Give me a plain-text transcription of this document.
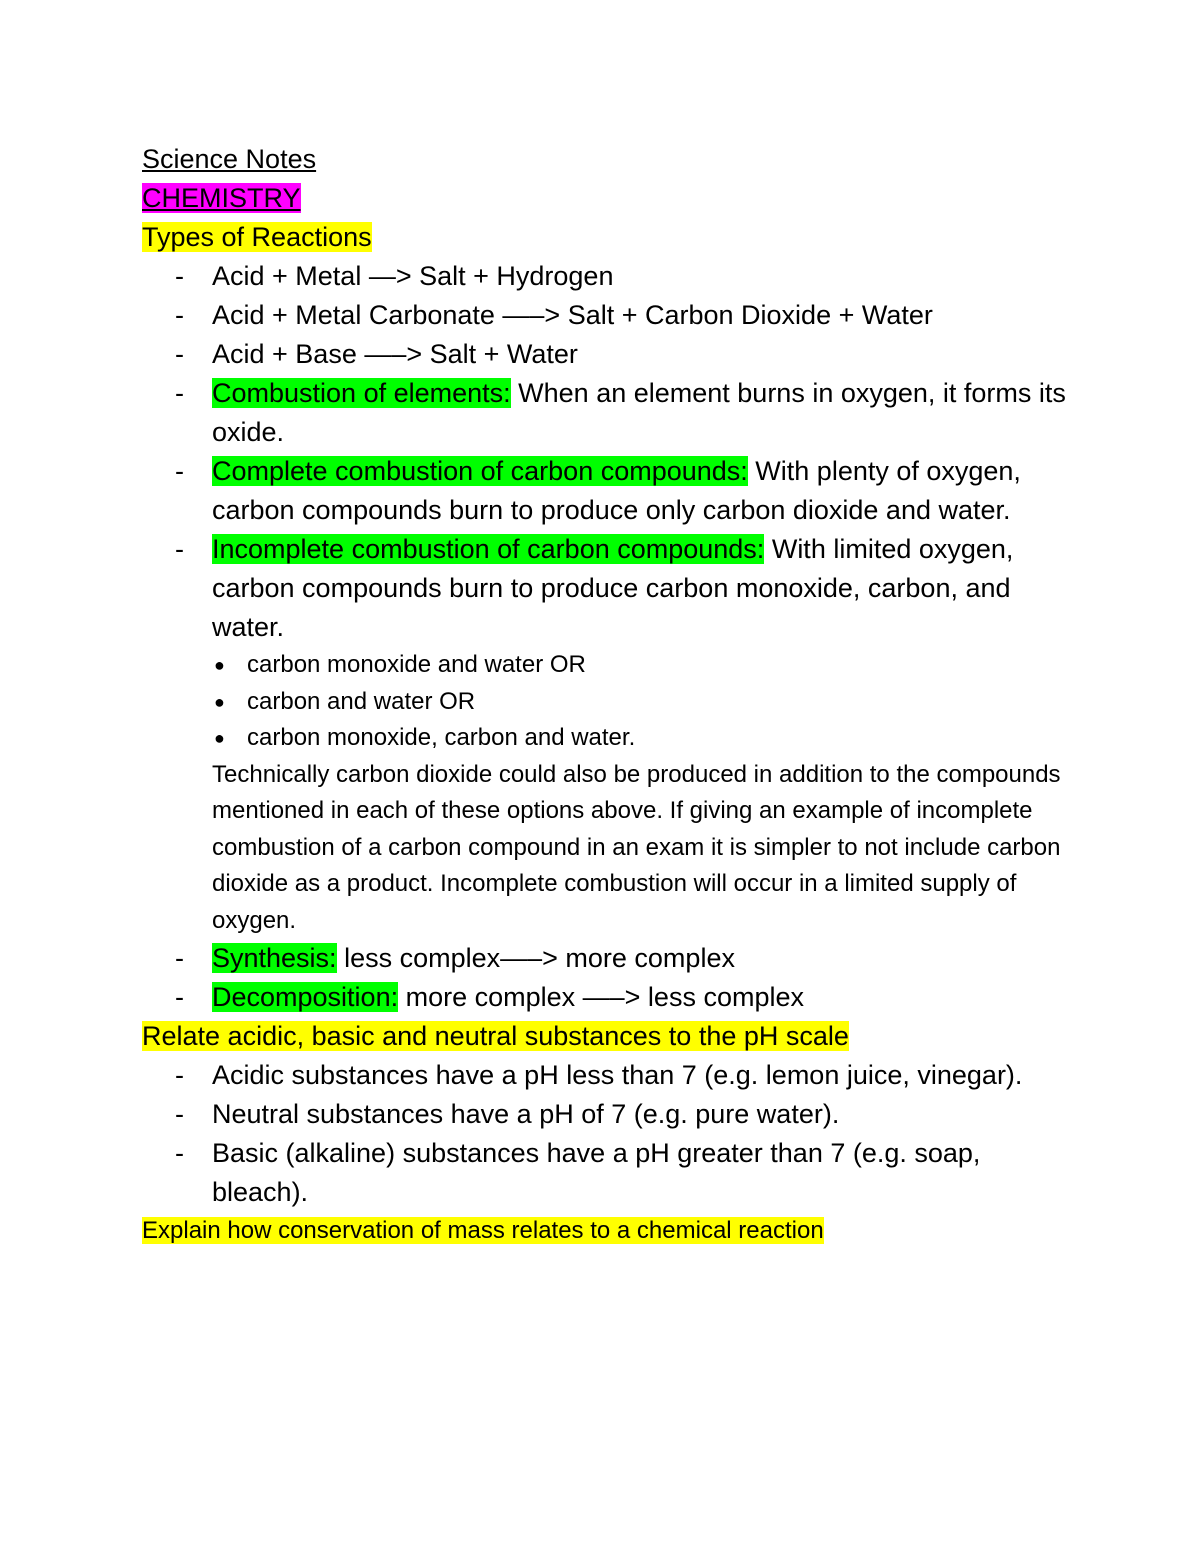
Science Notes
CHEMISTRY
Types of Reactions
- Acid + Metal —> Salt + Hydrogen
- Acid + Metal Carbonate —–> Salt + Carbon Dioxide + Water
- Acid + Base —–> Salt + Water
- Combustion of elements: When an element burns in oxygen, it forms its oxide.
- Complete combustion of carbon compounds: With plenty of oxygen, carbon compounds burn to produce only carbon dioxide and water.
- Incomplete combustion of carbon compounds: With limited oxygen, carbon compounds burn to produce carbon monoxide, carbon, and water.
● carbon monoxide and water OR
● carbon and water OR
● carbon monoxide, carbon and water.
Technically carbon dioxide could also be produced in addition to the compounds mentioned in each of these options above. If giving an example of incomplete combustion of a carbon compound in an exam it is simpler to not include carbon dioxide as a product. Incomplete combustion will occur in a limited supply of oxygen.
- Synthesis: less complex—–> more complex
- Decomposition: more complex —–> less complex
Relate acidic, basic and neutral substances to the pH scale
- Acidic substances have a pH less than 7 (e.g. lemon juice, vinegar).
- Neutral substances have a pH of 7 (e.g. pure water).
- Basic (alkaline) substances have a pH greater than 7 (e.g. soap, bleach).
Explain how conservation of mass relates to a chemical reaction
